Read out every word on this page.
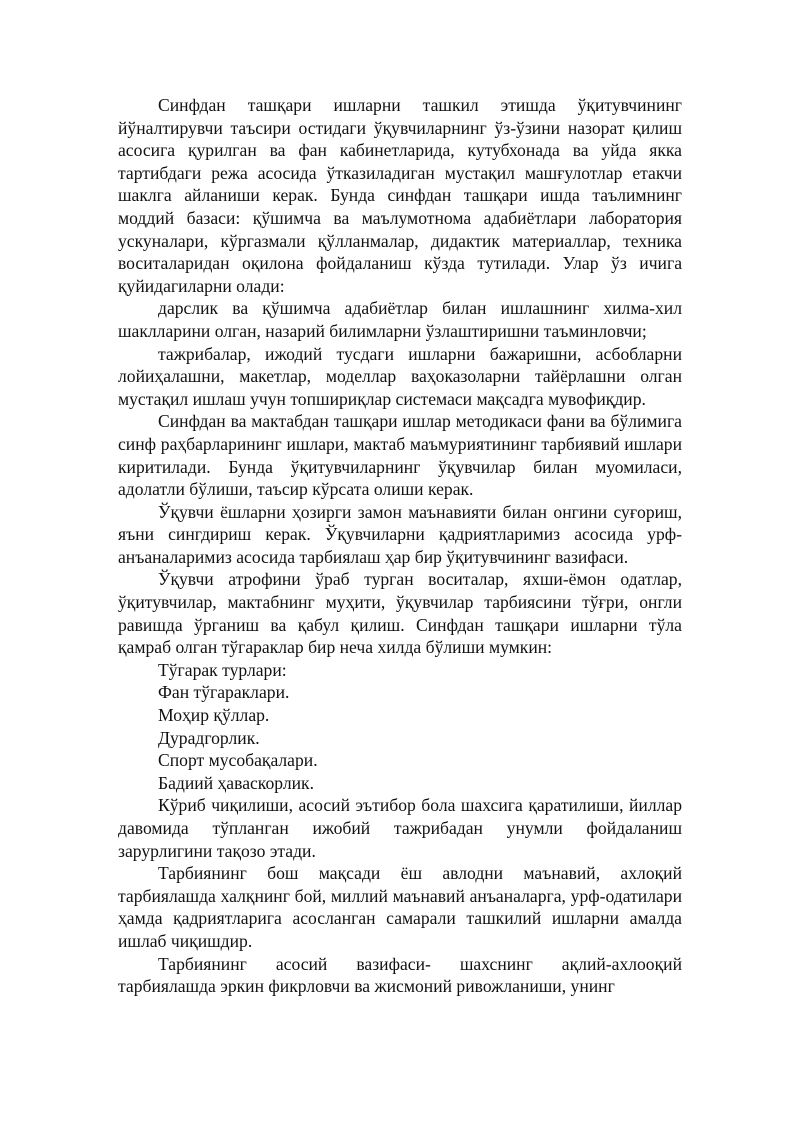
Синфдан ташқари ишларни ташкил этишда ўқитувчининг йўналтирувчи таъсири остидаги ўқувчиларнинг ўз-ўзини назорат қилиш асосига қурилган ва фан кабинетларида, кутубхонада ва уйда якка тартибдаги режа асосида ўтказиладиган мустақил машғулотлар етакчи шаклга айланиши керак. Бунда синфдан ташқари ишда таълимнинг моддий базаси: қўшимча ва маълумотнома адабиётлари лаборатория ускуналари, кўргазмали қўлланмалар, дидактик материаллар, техника воситаларидан оқилона фойдаланиш кўзда тутилади. Улар ўз ичига қуйидагиларни олади:

дарслик ва қўшимча адабиётлар билан ишлашнинг хилма-хил шаклларини олган, назарий билимларни ўзлаштиришни таъминловчи;

тажрибалар, ижодий тусдаги ишларни бажаришни, асбобларни лойиҳалашни, макетлар, моделлар ваҳоказоларни тайёрлашни олган мустақил ишлаш учун топшириқлар системаси мақсадга мувофиқдир.

Синфдан ва мактабдан ташқари ишлар методикаси фани ва бўлимига синф раҳбарларининг ишлари, мактаб маъмуриятининг тарбиявий ишлари киритилади. Бунда ўқитувчиларнинг ўқувчилар билан муомиласи, адолатли бўлиши, таъсир кўрсата олиши керак.

Ўқувчи ёшларни ҳозирги замон маънавияти билан онгини суғориш, яъни сингдириш керак. Ўқувчиларни қадриятларимиз асосида урф-анъаналаримиз асосида тарбиялаш ҳар бир ўқитувчининг вазифаси.

Ўқувчи атрофини ўраб турган воситалар, яхши-ёмон одатлар, ўқитувчилар, мактабнинг муҳити, ўқувчилар тарбиясини тўғри, онгли равишда ўрганиш ва қабул қилиш. Синфдан ташқари ишларни тўла қамраб олган тўгараклар бир неча хилда бўлиши мумкин:

Тўгарак турлари:

Фан тўгараклари.

Моҳир қўллар.

Дурадгорлик.

Спорт мусобақалари.

Бадиий ҳаваскорлик.

Кўриб чиқилиши, асосий эътибор бола шахсига қаратилиши, йиллар давомида тўпланган ижобий тажрибадан унумли фойдаланиш зарурлигини тақозо этади.

Тарбиянинг бош мақсади ёш авлодни маънавий, ахлоқий тарбиялашда халқнинг бой, миллий маънавий анъаналарга, урф-одатилари ҳамда қадриятларига асосланган самарали ташкилий ишларни амалда ишлаб чиқишдир.

Тарбиянинг асосий вазифаси- шахснинг ақлий-ахлооқий тарбиялашда эркин фикрловчи ва жисмоний ривожланиши, унинг
